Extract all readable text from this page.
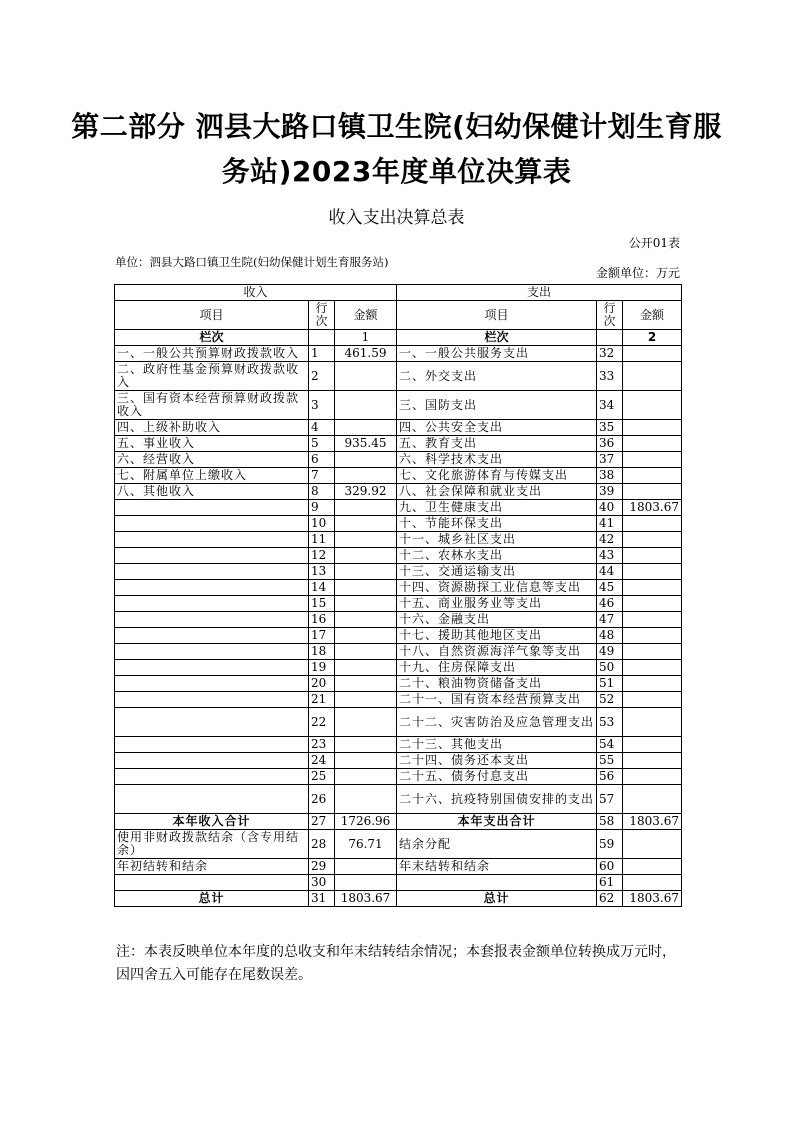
第二部分 泗县大路口镇卫生院(妇幼保健计划生育服务站)2023年度单位决算表
收入支出决算总表
公开01表
单位：泗县大路口镇卫生院(妇幼保健计划生育服务站)
金额单位：万元
收入			支出		
项目	行次	金额	项目	行次	金额
栏次		1	栏次		2
一、一般公共预算财政拨款收入	1	461.59	一、一般公共服务支出	32	
二、政府性基金预算财政拨款收入	2		二、外交支出	33	
三、国有资本经营预算财政拨款收入	3		三、国防支出	34	
四、上级补助收入	4		四、公共安全支出	35	
五、事业收入	5	935.45	五、教育支出	36	
六、经营收入	6		六、科学技术支出	37	
七、附属单位上缴收入	7		七、文化旅游体育与传媒支出	38	
八、其他收入	8	329.92	八、社会保障和就业支出	39	
	9		九、卫生健康支出	40	1803.67
	10		十、节能环保支出	41	
	11		十一、城乡社区支出	42	
	12		十二、农林水支出	43	
	13		十三、交通运输支出	44	
	14		十四、资源勘探工业信息等支出	45	
	15		十五、商业服务业等支出	46	
	16		十六、金融支出	47	
	17		十七、援助其他地区支出	48	
	18		十八、自然资源海洋气象等支出	49	
	19		十九、住房保障支出	50	
	20		二十、粮油物资储备支出	51	
	21		二十一、国有资本经营预算支出	52	
	22		二十二、灾害防治及应急管理支出	53	
	23		二十三、其他支出	54	
	24		二十四、债务还本支出	55	
	25		二十五、债务付息支出	56	
	26		二十六、抗疫特别国债安排的支出	57	
本年收入合计	27	1726.96	本年支出合计	58	1803.67
使用非财政拨款结余（含专用结余）	28	76.71	结余分配	59	
年初结转和结余	29		年末结转和结余	60	
	30			61	
总计	31	1803.67	总计	62	1803.67
注：本表反映单位本年度的总收支和年末结转结余情况；本套报表金额单位转换成万元时，因四舍五入可能存在尾数误差。
